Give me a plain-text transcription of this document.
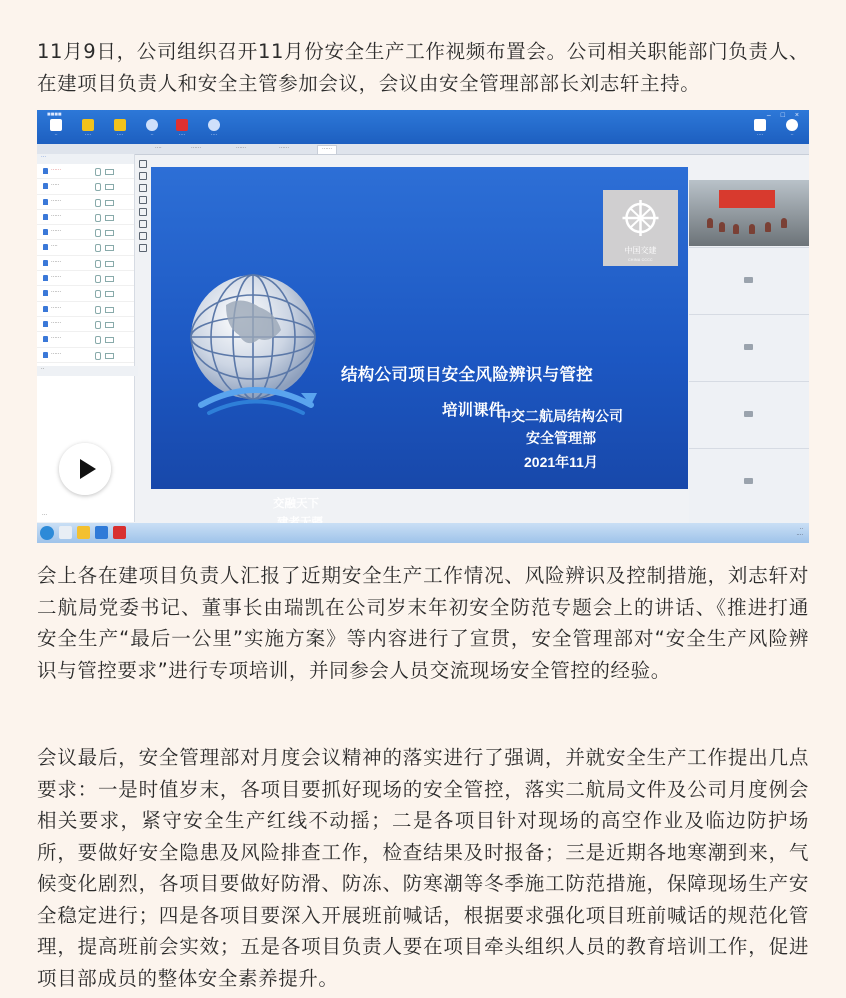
11月9日，公司组织召开11月份安全生产工作视频布置会。公司相关职能部门负责人、在建项目负责人和安全主管参加会议，会议由安全管理部部长刘志轩主持。

会上各在建项目负责人汇报了近期安全生产工作情况、风险辨识及控制措施，刘志轩对二航局党委书记、董事长由瑞凯在公司岁末年初安全防范专题会上的讲话、《推进打通安全生产“最后一公里”实施方案》等内容进行了宣贯，安全管理部对“安全生产风险辨识与管控要求”进行专项培训，并同参会人员交流现场安全管控的经验。

会议最后，安全管理部对月度会议精神的落实进行了强调，并就安全生产工作提出几点要求：一是时值岁末，各项目要抓好现场的安全管控，落实二航局文件及公司月度例会相关要求，紧守安全生产红线不动摇；二是各项目针对现场的高空作业及临边防护场所，要做好安全隐患及风险排查工作，检查结果及时报备；三是近期各地寒潮到来，气候变化剧烈，各项目要做好防滑、防冻、防寒潮等冬季施工防范措施，保障现场生产安全稳定进行；四是各项目要深入开展班前喊话，根据要求强化项目班前喊话的规范化管理，提高班前会实效；五是各项目负责人要在项目牵头组织人员的教育培训工作，促进项目部成员的整体安全素养提升。

■■■■
··	····	····	··	····	····	····	··
– □ ×
····	······	······	······	······
···
······
·····
······
······
······
····
······
······
······
······
······
······
······
··
···
中国交建
CHINA CCCC
结构公司项目安全风险辨识与管控
培训课件
交融天下
中交二航局结构公司
安全管理部
2021年11月
··
····
